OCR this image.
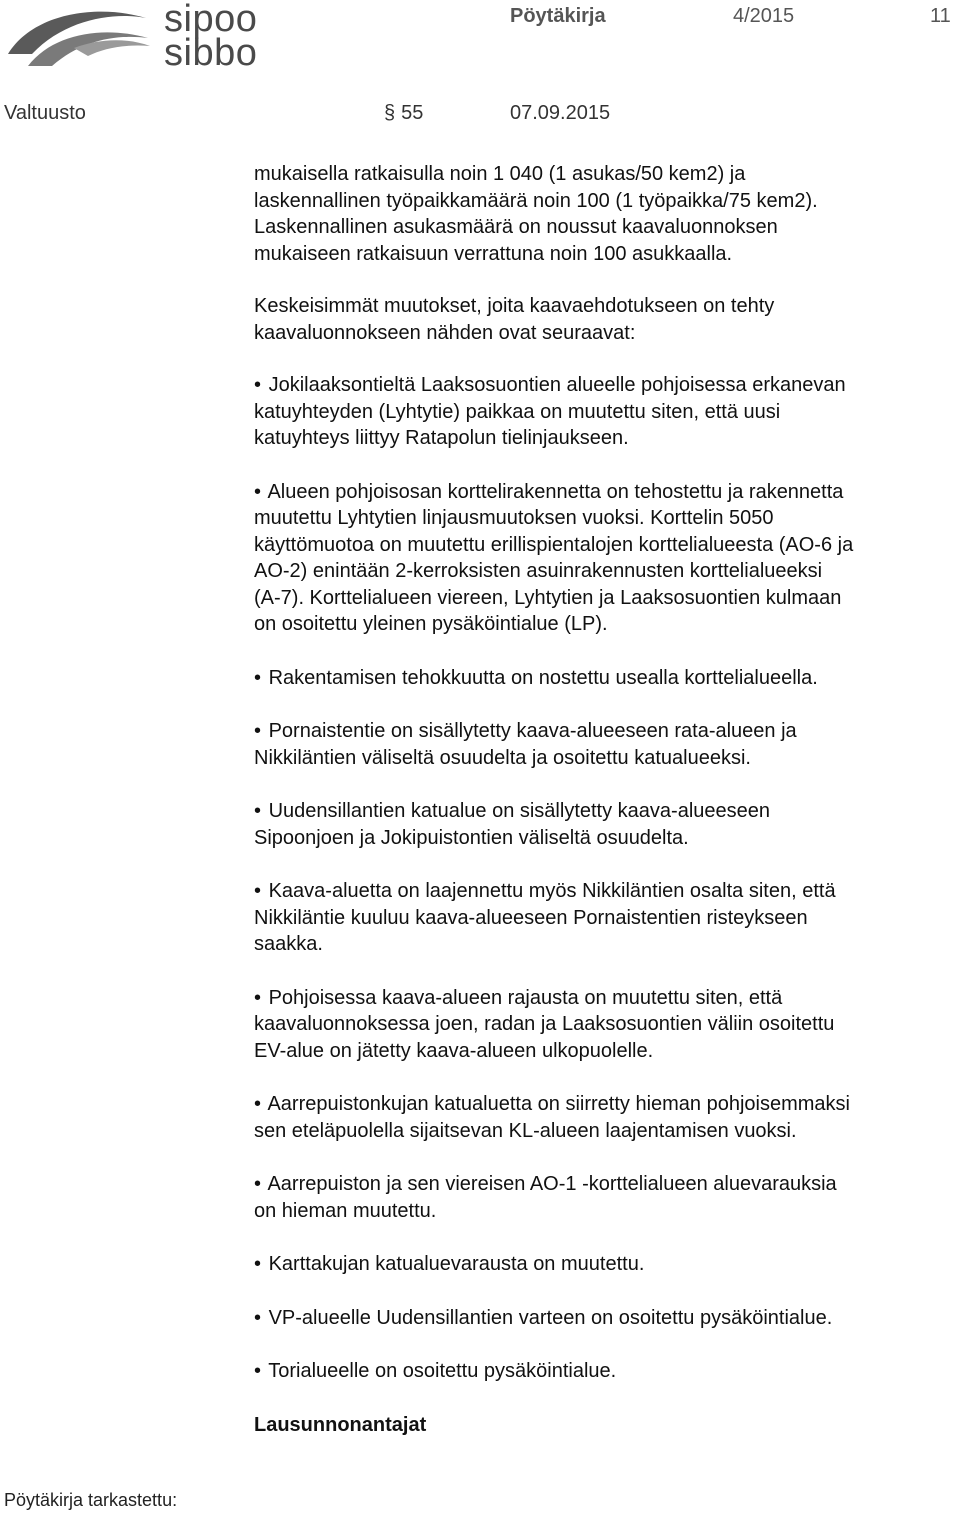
sipoo
sibbo
Pöytäkirja	4/2015	11
Valtuusto	§ 55	07.09.2015

mukaisella ratkaisulla noin 1 040 (1 asukas/50 kem2) ja
laskennallinen työpaikkamäärä noin 100 (1 työpaikka/75 kem2).
Laskennallinen asukasmäärä on noussut kaavaluonnoksen
mukaiseen ratkaisuun verrattuna noin 100 asukkaalla.

Keskeisimmät muutokset, joita kaavaehdotukseen on tehty
kaavaluonnokseen nähden ovat seuraavat:

• Jokilaaksontieltä Laaksosuontien alueelle pohjoisessa erkanevan
katuyhteyden (Lyhtytie) paikkaa on muutettu siten, että uusi
katuyhteys liittyy Ratapolun tielinjaukseen.

• Alueen pohjoisosan korttelirakennetta on tehostettu ja rakennetta
muutettu Lyhtytien linjausmuutoksen vuoksi. Korttelin 5050
käyttömuotoa on muutettu erillispientalojen korttelialueesta (AO-6 ja
AO-2) enintään 2-kerroksisten asuinrakennusten korttelialueeksi
(A-7). Korttelialueen viereen, Lyhtytien ja Laaksosuontien kulmaan
on osoitettu yleinen pysäköintialue (LP).

• Rakentamisen tehokkuutta on nostettu usealla korttelialueella.

• Pornaistentie on sisällytetty kaava-alueeseen rata-alueen ja
Nikkiläntien väliseltä osuudelta ja osoitettu katualueeksi.

• Uudensillantien katualue on sisällytetty kaava-alueeseen
Sipoonjoen ja Jokipuistontien väliseltä osuudelta.

• Kaava-aluetta on laajennettu myös Nikkiläntien osalta siten, että
Nikkiläntie kuuluu kaava-alueeseen Pornaistentien risteykseen
saakka.

• Pohjoisessa kaava-alueen rajausta on muutettu siten, että
kaavaluonnoksessa joen, radan ja Laaksosuontien väliin osoitettu
EV-alue on jätetty kaava-alueen ulkopuolelle.

• Aarrepuistonkujan katualuetta on siirretty hieman pohjoisemmaksi
sen eteläpuolella sijaitsevan KL-alueen laajentamisen vuoksi.

• Aarrepuiston ja sen viereisen AO-1 -korttelialueen aluevarauksia
on hieman muutettu.

• Karttakujan katualuevarausta on muutettu.

• VP-alueelle Uudensillantien varteen on osoitettu pysäköintialue.

• Torialueelle on osoitettu pysäköintialue.

Lausunnonantajat

Pöytäkirja tarkastettu:
